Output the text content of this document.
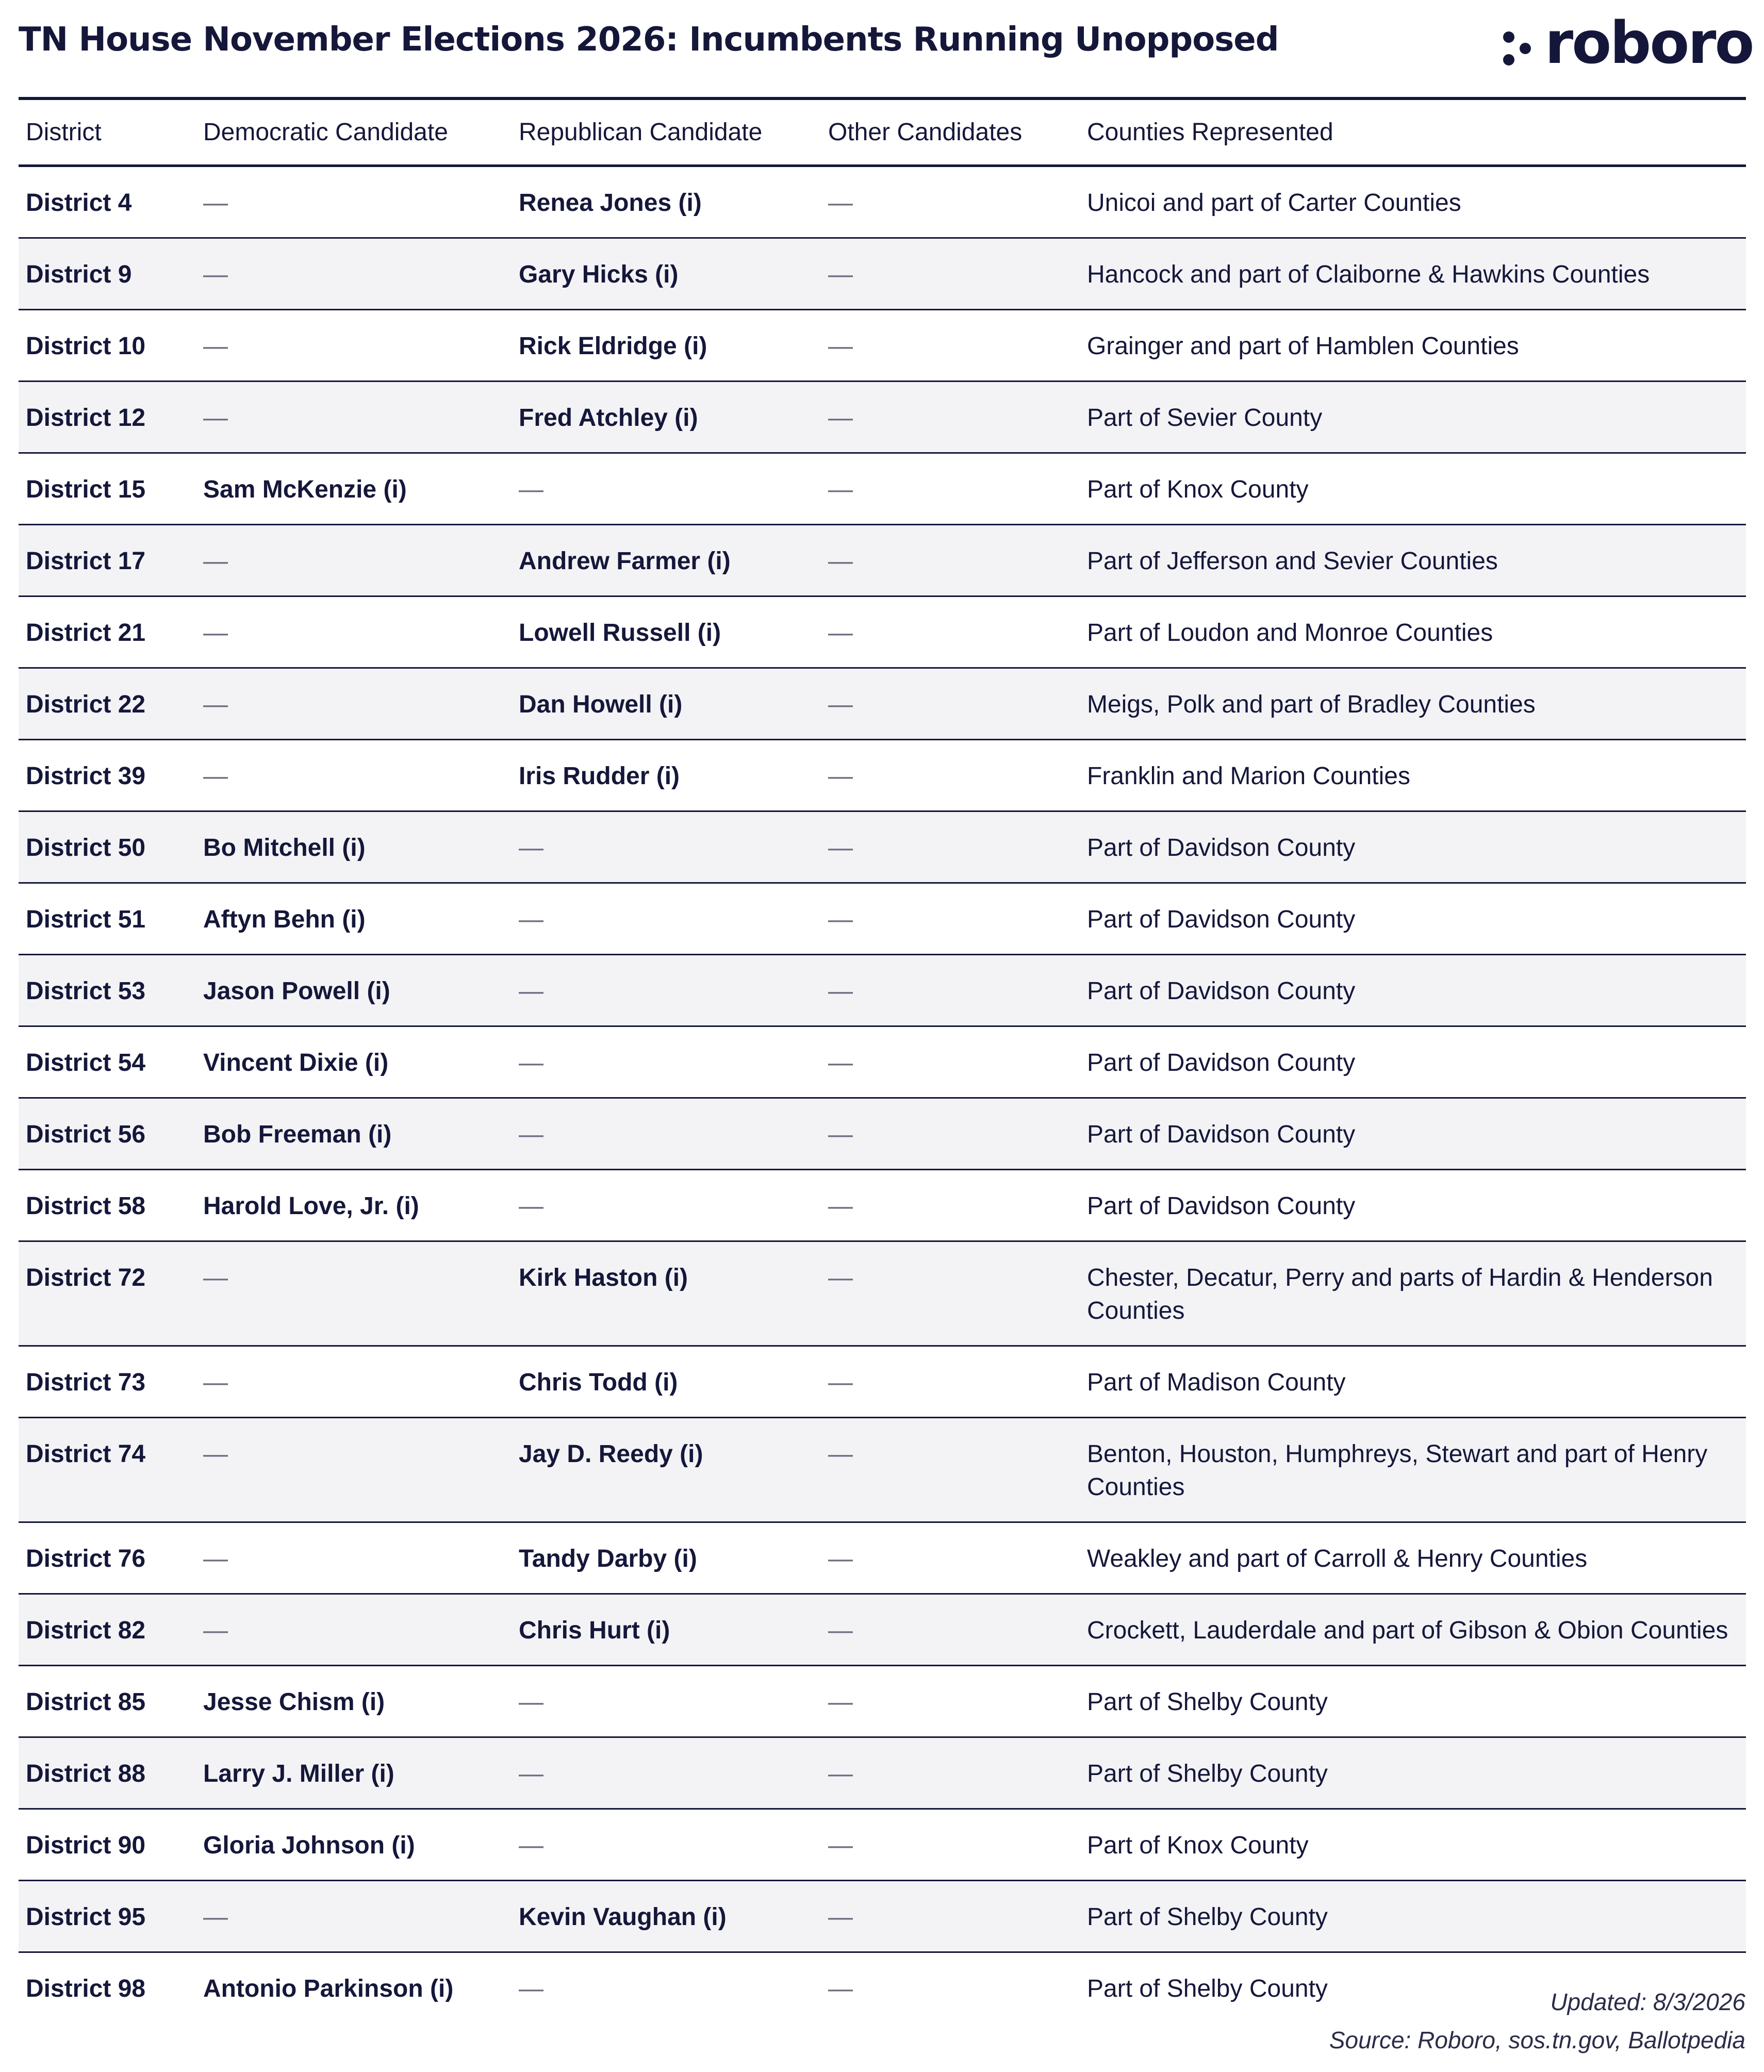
TN House November Elections 2026: Incumbents Running Unopposed	roboro
District	Democratic Candidate	Republican Candidate	Other Candidates	Counties Represented
District 4	—	Renea Jones (i)	—	Unicoi and part of Carter Counties
District 9	—	Gary Hicks (i)	—	Hancock and part of Claiborne & Hawkins Counties
District 10	—	Rick Eldridge (i)	—	Grainger and part of Hamblen Counties
District 12	—	Fred Atchley (i)	—	Part of Sevier County
District 15	Sam McKenzie (i)	—	—	Part of Knox County
District 17	—	Andrew Farmer (i)	—	Part of Jefferson and Sevier Counties
District 21	—	Lowell Russell (i)	—	Part of Loudon and Monroe Counties
District 22	—	Dan Howell (i)	—	Meigs, Polk and part of Bradley Counties
District 39	—	Iris Rudder (i)	—	Franklin and Marion Counties
District 50	Bo Mitchell (i)	—	—	Part of Davidson County
District 51	Aftyn Behn (i)	—	—	Part of Davidson County
District 53	Jason Powell (i)	—	—	Part of Davidson County
District 54	Vincent Dixie (i)	—	—	Part of Davidson County
District 56	Bob Freeman (i)	—	—	Part of Davidson County
District 58	Harold Love, Jr. (i)	—	—	Part of Davidson County
District 72	—	Kirk Haston (i)	—	Chester, Decatur, Perry and parts of Hardin & Henderson Counties
District 73	—	Chris Todd (i)	—	Part of Madison County
District 74	—	Jay D. Reedy (i)	—	Benton, Houston, Humphreys, Stewart and part of Henry Counties
District 76	—	Tandy Darby (i)	—	Weakley and part of Carroll & Henry Counties
District 82	—	Chris Hurt (i)	—	Crockett, Lauderdale and part of Gibson & Obion Counties
District 85	Jesse Chism (i)	—	—	Part of Shelby County
District 88	Larry J. Miller (i)	—	—	Part of Shelby County
District 90	Gloria Johnson (i)	—	—	Part of Knox County
District 95	—	Kevin Vaughan (i)	—	Part of Shelby County
District 98	Antonio Parkinson (i)	—	—	Part of Shelby County	Updated: 8/3/2026
Source: Roboro, sos.tn.gov, Ballotpedia
